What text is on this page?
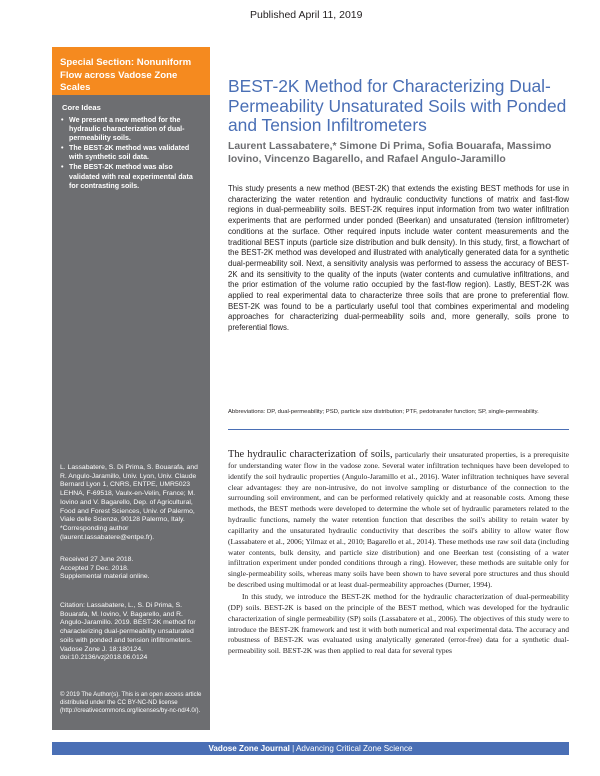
Published April 11, 2019
Special Section: Nonuniform Flow across Vadose Zone Scales
Core Ideas
• We present a new method for the hydraulic characterization of dual-permeability soils.
• The BEST-2K method was validated with synthetic soil data.
• The BEST-2K method was also validated with real experimental data for contrasting soils.
L. Lassabatere, S. Di Prima, S. Bouarafa, and R. Angulo-Jaramillo, Univ. Lyon, Univ. Claude Bernard Lyon 1, CNRS, ENTPE, UMR5023 LEHNA, F-69518, Vaulx-en-Velin, France; M. Iovino and V. Bagarello, Dep. of Agricultural, Food and Forest Sciences, Univ. of Palermo, Viale delle Scienze, 90128 Palermo, Italy. *Corresponding author (laurent.lassabatere@entpe.fr).
Received 27 June 2018.
Accepted 7 Dec. 2018.
Supplemental material online.
Citation: Lassabatere, L., S. Di Prima, S. Bouarafa, M. Iovino, V. Bagarello, and R. Angulo-Jaramillo. 2019. BEST-2K method for characterizing dual-permeability unsaturated soils with ponded and tension infiltrometers. Vadose Zone J. 18:180124. doi:10.2136/vzj2018.06.0124
© 2019 The Author(s). This is an open access article distributed under the CC BY-NC-ND license (http://creativecommons.org/licenses/by-nc-nd/4.0/).
BEST-2K Method for Characterizing Dual-Permeability Unsaturated Soils with Ponded and Tension Infiltrometers
Laurent Lassabatere,* Simone Di Prima, Sofia Bouarafa, Massimo Iovino, Vincenzo Bagarello, and Rafael Angulo-Jaramillo
This study presents a new method (BEST-2K) that extends the existing BEST methods for use in characterizing the water retention and hydraulic conductivity functions of matrix and fast-flow regions in dual-permeability soils. BEST-2K requires input information from two water infiltration experiments that are performed under ponded (Beerkan) and unsaturated (tension infiltrometer) conditions at the surface. Other required inputs include water content measurements and the traditional BEST inputs (particle size distribution and bulk density). In this study, first, a flowchart of the BEST-2K method was developed and illustrated with analytically generated data for a synthetic dual-permeability soil. Next, a sensitivity analysis was performed to assess the accuracy of BEST-2K and its sensitivity to the quality of the inputs (water contents and cumulative infiltrations, and the prior estimation of the volume ratio occupied by the fast-flow region). Lastly, BEST-2K was applied to real experimental data to characterize three soils that are prone to preferential flow. BEST-2K was found to be a particularly useful tool that combines experimental and modeling approaches for characterizing dual-permeability soils and, more generally, soils prone to preferential flows.
Abbreviations: DP, dual-permeability; PSD, particle size distribution; PTF, pedotransfer function; SP, single-permeability.

The hydraulic characterization of soils, particularly their unsaturated properties, is a prerequisite for understanding water flow in the vadose zone. Several water infiltration techniques have been developed to identify the soil hydraulic properties (Angulo-Jaramillo et al., 2016). Water infiltration techniques have several clear advantages: they are non-intrusive, do not involve sampling or disturbance of the connection to the surrounding soil environment, and can be performed relatively quickly and at reasonable costs. Among these methods, the BEST methods were developed to determine the whole set of hydraulic parameters related to the hydraulic functions, namely the water retention function that describes the soil's ability to retain water by capillarity and the unsaturated hydraulic conductivity that describes the soil's ability to allow water flow (Lassabatere et al., 2006; Yilmaz et al., 2010; Bagarello et al., 2014). These methods use raw soil data (including water contents, bulk density, and particle size distribution) and one Beerkan test (consisting of a water infiltration experiment under ponded conditions through a ring). However, these methods are suitable only for single-permeability soils, whereas many soils have been shown to have several pore structures and thus should be described using multimodal or at least dual-permeability approaches (Durner, 1994).

In this study, we introduce the BEST-2K method for the hydraulic characterization of dual-permeability (DP) soils. BEST-2K is based on the principle of the BEST method, which was developed for the hydraulic characterization of single permeability (SP) soils (Lassabatere et al., 2006). The objectives of this study were to introduce the BEST-2K framework and test it with both numerical and real experimental data. The accuracy and robustness of BEST-2K was evaluated using analytically generated (error-free) data for a synthetic dual-permeability soil. BEST-2K was then applied to real data for several types

Vadose Zone Journal | Advancing Critical Zone Science
